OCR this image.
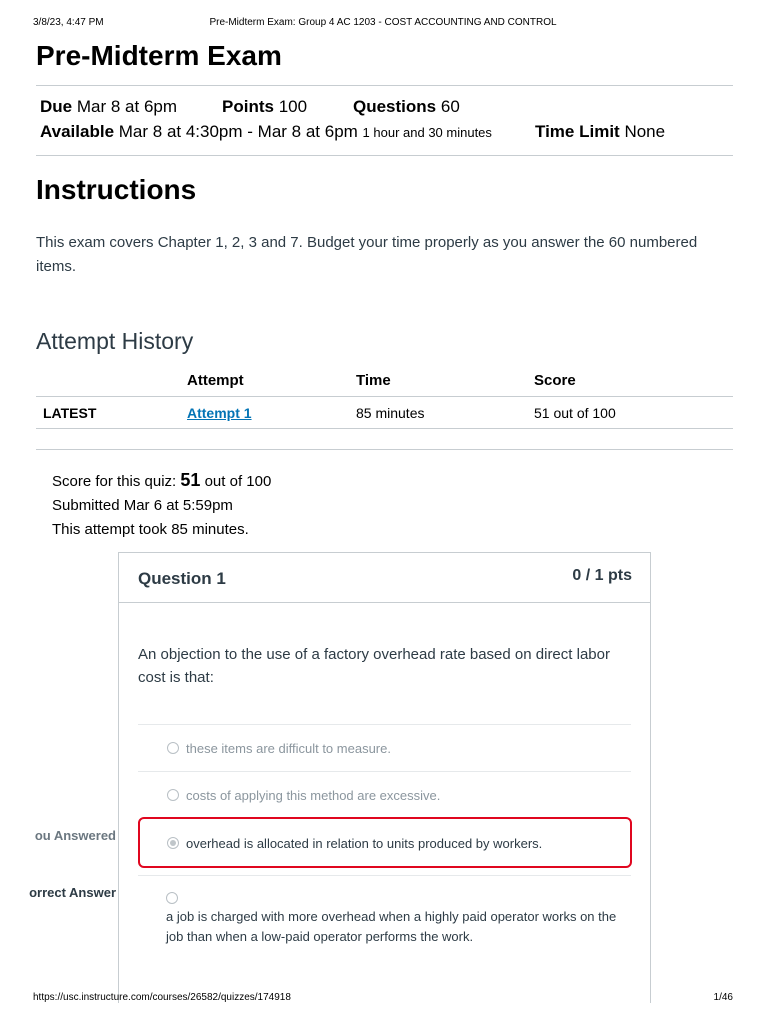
3/8/23, 4:47 PM	Pre-Midterm Exam: Group 4 AC 1203 - COST ACCOUNTING AND CONTROL
Pre-Midterm Exam
Due Mar 8 at 6pm	Points 100	Questions 60
Available Mar 8 at 4:30pm - Mar 8 at 6pm 1 hour and 30 minutes	Time Limit None
Instructions

This exam covers Chapter 1, 2, 3 and 7. Budget your time properly as you answer the 60 numbered items.

Attempt History
	Attempt	Time	Score
LATEST	Attempt 1	85 minutes	51 out of 100
Score for this quiz: 51 out of 100
Submitted Mar 6 at 5:59pm
This attempt took 85 minutes.
ou Answered
orrect Answer
Question 1	0 / 1 pts

An objection to the use of a factory overhead rate based on direct labor cost is that:

these items are difficult to measure.
costs of applying this method are excessive.
overhead is allocated in relation to units produced by workers.
a job is charged with more overhead when a highly paid operator works on the job than when a low-paid operator performs the work.
https://usc.instructure.com/courses/26582/quizzes/174918	1/46
